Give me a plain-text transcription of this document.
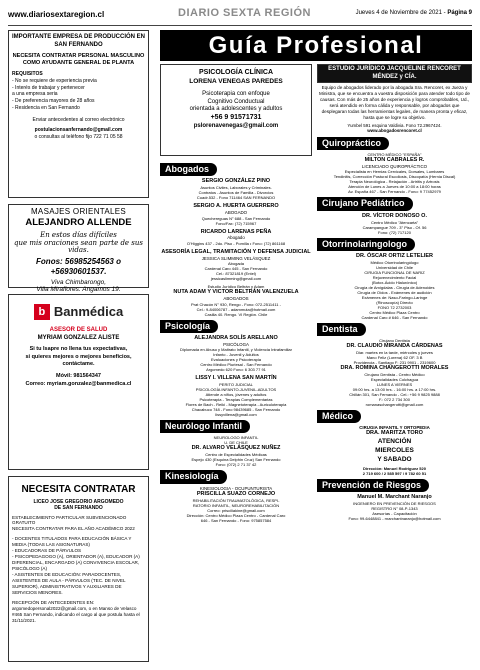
www.diariosextaregion.cl	DIARIO SEXTA REGIÓN	Jueves 4 de Noviembre de 2021 - Página 9
IMPORTANTE EMPRESA DE PRODUCCIÓN EN SAN FERNANDO
NECESITA CONTRATAR PERSONAL MASCULINO COMO AYUDANTE GENERAL DE PLANTA

REQUISITOS

- No se requiere de experiencia previa

- Interés de trabajar y pertenecer

a una empresa seria

- De preferencia mayores de 28 años

- Residencia en San Fernando

Enviar antecedentes al correo electrónico

postulacionsanfernando@gmail.com

o consultas al teléfono fijo 722 71 05 58

MASAJES ORIENTALES
ALEJANDRO ALLENDE
En estos días difíciles
que mis oraciones sean parte de sus vidas.
Fonos: 56985254563 o +56930601537.
Viva Chimbarongo,
Villa Miraflores. Angamos 19.
b Banmédica
ASESOR DE SALUD
MYRIAM GONZALEZ ALISTE
Si tu Isapre no llena tus expectativas,
si quieres mejores o mejores beneficios,
contáctame.
Móvil: 981564347
Correo: myriam.gonzalez@banmedica.cl
NECESITA CONTRATAR
LICEO JOSE GREGORIO ARGOMEDO
DE SAN FERNANDO

ESTABLECIMIENTO PARTICULAR SUBVENCIONADO GRATUITO

NECESITA CONTRATAR PARA EL AÑO ACADÉMICO 2022

- DOCENTES TITULADOS PARA EDUCACIÓN BÁSICA Y MEDIA (TODAS LAS ASIGNATURAS)

- EDUCADORAS DE PÁRVULOS

- PSICOPEDAGOGO (A), ORIENTADOR (A), EDUCADOR (A) DIFERENCIAL, ENCARGADO (A) CONVIVENCIA ESCOLAR, PSICÓLOGO (A)

- ASISTENTES DE EDUCACIÓN: PARADOCENTES, ASISTENTES DE AULA - PÁRVULOS (TEC. DE NIVEL SUPERIOR), ADMINISTRATIVOS Y AUXILIARES DE SERVICIOS MENORES.

RECEPCIÓN DE ANTECEDENTES EN: argomedopersonal2022@gmail.com, o en Manso de Velasco #465 San Fernando, indicando el cargo al que postula hasta el 31/11/2021.

Guía Profesional
PSICOLOGÍA CLÍNICA
LORENA VENEGAS PAREDES
Psicoterapia con enfoque
Cognitivo Conductual
orientada a adolescentes y adultos
+56 9 91571731
pslorenavenegas@gmail.com
Abogados
SERGIO GONZÁLEZ PINO
Asuntos Civiles, Laborales y Criminales.
Contratos - Asuntos de Familia - Divorcios
Cuadr.532 - Fono 711464 SAN FERNANDO
SERGIO A. HUERTA GUERRERO
ABOGADO
Quechereguas N° 688 - San Fernando
Fono/Fax: (72) 715967
RICARDO LARENAS PEÑA
Abogado
O'Higgins 437 - 2do. Piso - Pomilla • Fono: (72) 861168
ASESORÍA LEGAL, TRAMITACIÓN Y DEFENSA JUDICIAL
JESSICA SLIMMING VELÁSQUEZ
Abogada
Cardenal Caro 445 - San Fernando
Cel.: 87321819 (Entel)
jessicaslimming@gmail.com
Estudio Jurídico Beltrán y Adam
NUTA ADAM Y VICTOR BELTRÁN VALENZUELA
ABOGADOS
Prat Chacón N° 930, Rengo - Fono: 072-2511411 -
Cel.: 9-84006787 - adammuta@hotmail.com
Casilla 40. Rengo. VI Región. Chile
Psicología
ALEJANDRA SOLÍS ARELLANO
PSICÓLOGA
Diplomada en Abuso y Maltrato Infantil, y Violencia Intrafamiliar
Infanto - Juvenil y Adultos
Evaluaciones y Psicoterapia
Centro Médico Pluriesal - San Fernando
Argomedo 620 Fono: 6 303 77 91
LISSY I. VILLENA SAN MARTÍN
PERITO JUDICIAL
PSICOLOGÍA INFANTO-JUVENIL-ADULTOS
Atiende a niños, jóvenes y adultos
Psicoterapia - Terapias Complementarias
Flores de Bach - Reiki - Magnetoterapia - Auriculoterapia
Chacabuco 748 - Fono 98439685 - San Fernando
lissyvillena@gmail.com
Neurólogo Infantil
NEUROLOGO INFANTIL
U. DE CHILE
DR. ALVARO VELÁSQUEZ NUÑEZ
Centro de Especialidades Médicas
Espejo 430 (Esquina Delphin Cruz) San Fernando
Fono: (072) 2 71 37 42
Kinesiología
KINESIOLOGIA - OCUPUNTURISTA
PRISCILLA SUAZO CORNEJO
REHABILITACIÓN TRAUMATOLÓGICA, RESPI-
RATORIO INFANTIL, NEUROREHABILITACIÓN
Correo: prisciliakine@gmail.com
Dirección: Centro Médico Plaza Centro - Cardenal Caro
646 - San Fernando - Fono: 975857584
ESTUDIO JURÍDICO JACQUELINE RENCORET MÉNDEZ y CÍA.
Equipo de abogados liderado por la abogada Sra. Rencoret, ex Jueza y Ministra, que se encuentra a vuestra disposición para atender todo tipo de causas. Con más de 25 años de experiencia y logros comprobables, Ud., será atendido en forma cálida y responsable, por abogados que desplegaran todas las herramientas legales, de manera pronta y eficaz, hasta que se logre su objetivo.
Yumbel 591 esquina Valdivia. Fono 72.2967424.
www.abogadosrencoret.cl
Quiropráctico
CENTRO MÉDICO "ESPAÑA"
MILTON CABRALES R.
LICENCIADO QUIROPRÁCTICO
Especialista en Hernias Cervicales, Dorsales, Lumbares
Tendinitis, Corrección Postural Escoliosis, Discopatía (Hernia Discal)
Terapia Neurológica - Relajación - Artritis y Artrosis
Atención de Lunes a Jueves de 10:00 a 18:00 horas
Av. España 467 - San Fernando - Fono: 9 77452979
Cirujano Pediátrico
DR. VÍCTOR DONOSO O.
Centro Médico "Atencarta"
Carampangue 709 - 3° Piso - Of. 56
Fono: (72) 717120
Otorrinolaringologo
DR. ÓSCAR ORTIZ LETELIER
Médico Otorrinolaringólogo
Universidad de Chile
CIRUGIA FUNCIONAL DE NARIZ
Rejuvenecimiento Facial
(Botox-Ácido Hialurónico)
Cirugía de Amígdalas - Cirugía de Adenoides
Cirugía de Oídos - Exámenes de audición
Exámenes de: Naso-Faringo-Laringe
(Rinoscopía) Directo
FONO 72 2732003
Centro Médico Plaza Centro
Cardenal Caro # 646 - San Fernando
Dentista
Cirujano Dentista
DR. CLAUDIO MIRANDA CÁRDENAS
Diar. martes en la tarde, miércoles y jueves
Mano Feliz (Lorena) 62 OF. 3 B
Providencia - Santiago F: 231 9901 - 2319600
DRA. ROMINA CHANGEROTTI MORALES
Cirujano Dentista - Centro Médico
Especialidades Colchagua
LUNES A VIERNES
09:00 hrs. a 13:00 hrs. - 16:00 hrs. a 17:00 hrs.
Chillán 301, San Fernando - Cel.: +56 9 9825 9888
F.: 072 2 734 300
romanaschangerotti@gmail.com
Médico
CIRUGIA INFANTIL Y ORTOPEDIA
DRA. MARITZA TORO
ATENCIÓN
MIERCOLES
Y SABADO
Dirección: Manuel Rodriguez 520
2 719 600 / 2 585 597 / 9 782 60 51
Prevención de Riesgos
Manuel M. Marchant Naranjo
INGENIERO EN PREVENCIÓN DE RIESGOS
REGISTRO N° 08-P-1343
Asesorías - Capacitación
Fono: 99-6448841 - rnarchantnaranjo@hotmail.com
